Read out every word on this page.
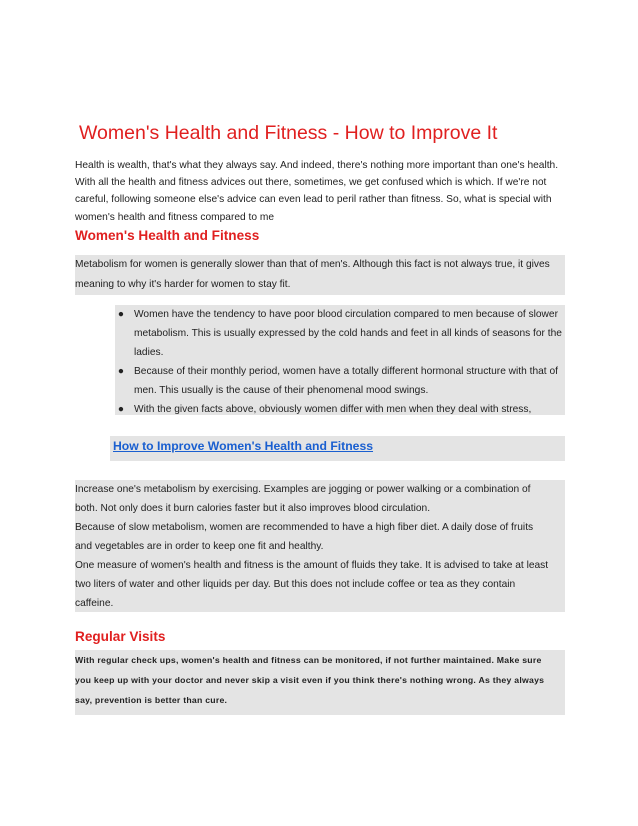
Women's Health and Fitness - How to Improve It

Health is wealth, that's what they always say. And indeed, there's nothing more important than one's health. With all the health and fitness advices out there, sometimes, we get confused which is which. If we're not careful, following someone else's advice can even lead to peril rather than fitness. So, what is special with women's health and fitness compared to me

Women's Health and Fitness
Metabolism for women is generally slower than that of men's. Although this fact is not always true, it gives meaning to why it's harder for women to stay fit.
● Women have the tendency to have poor blood circulation compared to men because of slower metabolism. This is usually expressed by the cold hands and feet in all kinds of seasons for the ladies.
● Because of their monthly period, women have a totally different hormonal structure with that of men. This usually is the cause of their phenomenal mood swings.
● With the given facts above, obviously women differ with men when they deal with stress,
How to Improve Women's Health and Fitness
Increase one's metabolism by exercising. Examples are jogging or power walking or a combination of
both. Not only does it burn calories faster but it also improves blood circulation.
Because of slow metabolism, women are recommended to have a high fiber diet. A daily dose of fruits
and vegetables are in order to keep one fit and healthy.
One measure of women's health and fitness is the amount of fluids they take. It is advised to take at least
two liters of water and other liquids per day. But this does not include coffee or tea as they contain
caffeine.
Regular Visits
With regular check ups, women's health and fitness can be monitored, if not further maintained. Make sure
you keep up with your doctor and never skip a visit even if you think there's nothing wrong. As they always
say, prevention is better than cure.
